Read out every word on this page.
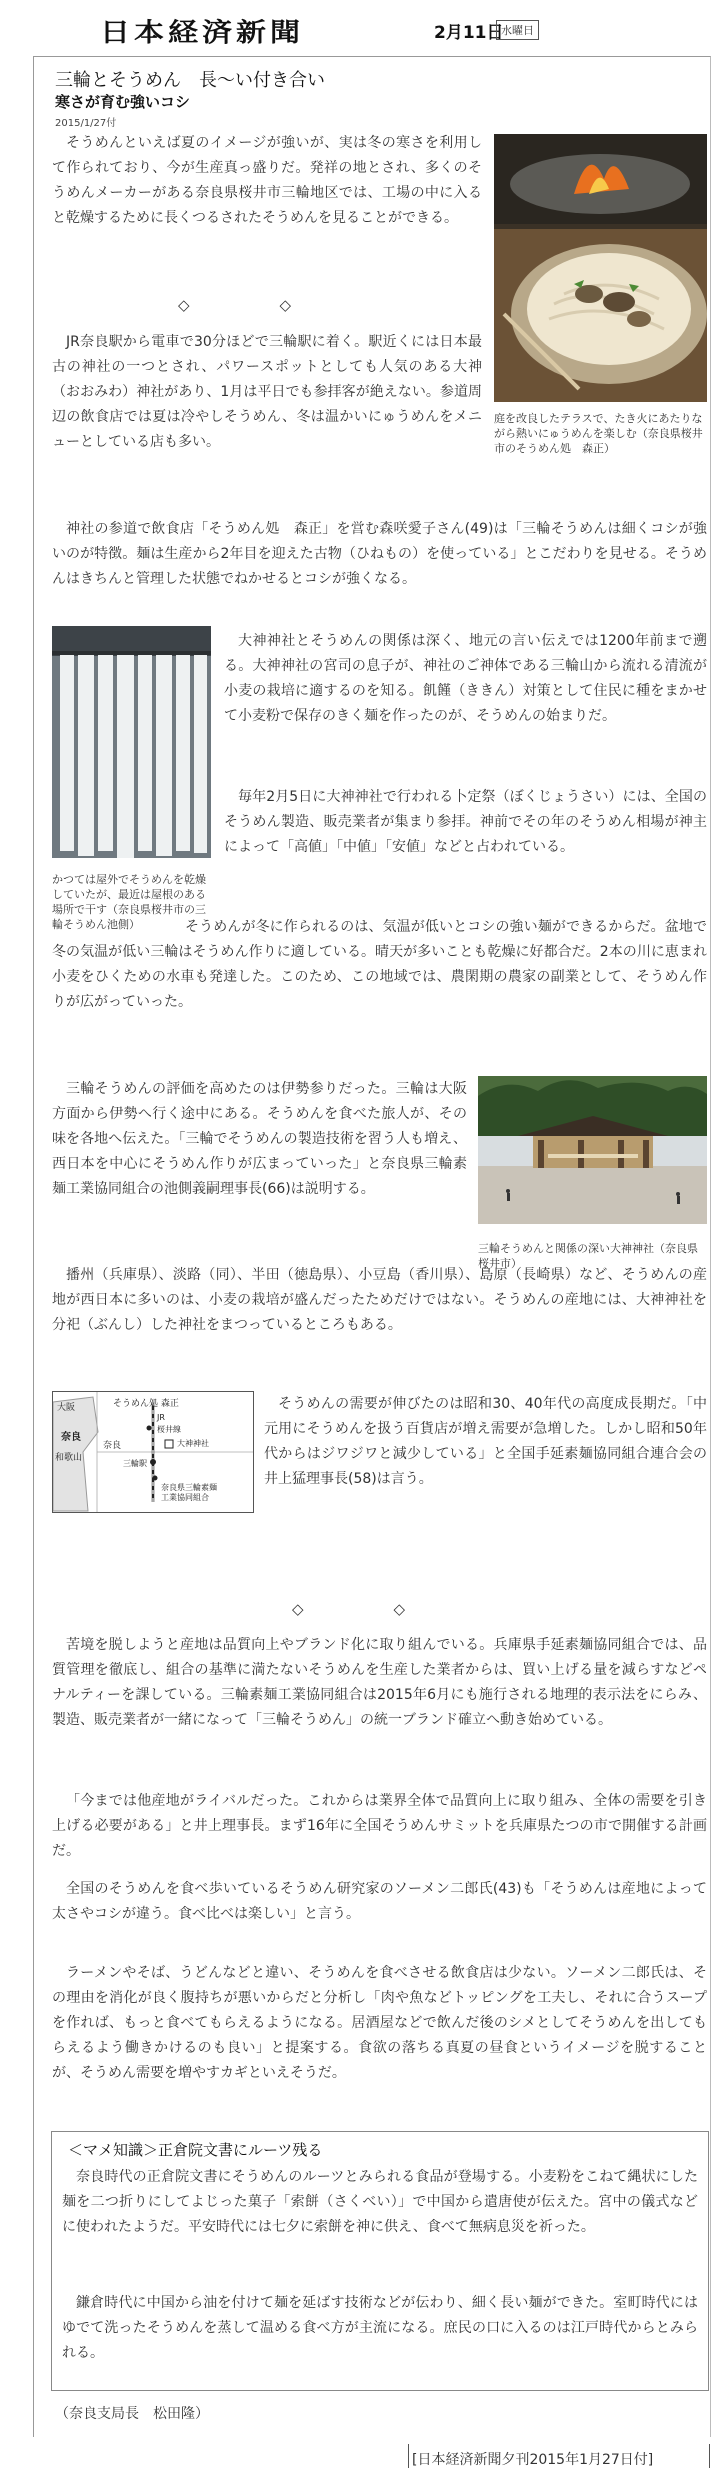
日本経済新聞	2月11日
水曜日
三輪とそうめん　長～い付き合い
寒さが育む強いコシ
2015/1/27付

庭を改良したテラスで、たき火にあたりながら熱いにゅうめんを楽しむ（奈良県桜井市のそうめん処　森正）

そうめんといえば夏のイメージが強いが、実は冬の寒さを利用して作られており、今が生産真っ盛りだ。発祥の地とされ、多くのそうめんメーカーがある奈良県桜井市三輪地区では、工場の中に入ると乾燥するために長くつるされたそうめんを見ることができる。

◇　　　　　　◇

JR奈良駅から電車で30分ほどで三輪駅に着く。駅近くには日本最古の神社の一つとされ、パワースポットとしても人気のある大神（おおみわ）神社があり、1月は平日でも参拝客が絶えない。参道周辺の飲食店では夏は冷やしそうめん、冬は温かいにゅうめんをメニューとしている店も多い。

神社の参道で飲食店「そうめん処　森正」を営む森咲愛子さん(49)は「三輪そうめんは細くコシが強いのが特徴。麺は生産から2年目を迎えた古物（ひねもの）を使っている」とこだわりを見せる。そうめんはきちんと管理した状態でねかせるとコシが強くなる。

かつては屋外でそうめんを乾燥していたが、最近は屋根のある場所で干す（奈良県桜井市の三輪そうめん池側）

大神神社とそうめんの関係は深く、地元の言い伝えでは1200年前まで遡る。大神神社の宮司の息子が、神社のご神体である三輪山から流れる清流が小麦の栽培に適するのを知る。飢饉（ききん）対策として住民に種をまかせて小麦粉で保存のきく麺を作ったのが、そうめんの始まりだ。

毎年2月5日に大神神社で行われる卜定祭（ぼくじょうさい）には、全国のそうめん製造、販売業者が集まり参拝。神前でその年のそうめん相場が神主によって「高値」「中値」「安値」などと占われている。

そうめんが冬に作られるのは、気温が低いとコシの強い麺ができるからだ。盆地で冬の気温が低い三輪はそうめん作りに適している。晴天が多いことも乾燥に好都合だ。2本の川に恵まれ小麦をひくための水車も発達した。このため、この地域では、農閑期の農家の副業として、そうめん作りが広がっていった。

三輪そうめんと関係の深い大神神社（奈良県桜井市）

三輪そうめんの評価を高めたのは伊勢参りだった。三輪は大阪方面から伊勢へ行く途中にある。そうめんを食べた旅人が、その味を各地へ伝えた。「三輪でそうめんの製造技術を習う人も増え、西日本を中心にそうめん作りが広まっていった」と奈良県三輪素麺工業協同組合の池側義嗣理事長(66)は説明する。

播州（兵庫県）、淡路（同）、半田（徳島県）、小豆島（香川県）、島原（長崎県）など、そうめんの産地が西日本に多いのは、小麦の栽培が盛んだったためだけではない。そうめんの産地には、大神神社を分祀（ぶんし）した神社をまつっているところもある。

そうめん処 森正
大阪
奈良
和歌山
奈良
JR
桜井線
大神神社
三輪駅
奈良県三輪素麺
工業協同組合

そうめんの需要が伸びたのは昭和30、40年代の高度成長期だ。「中元用にそうめんを扱う百貨店が増え需要が急増した。しかし昭和50年代からはジワジワと減少している」と全国手延素麺協同組合連合会の井上猛理事長(58)は言う。

◇　　　　　　◇

苦境を脱しようと産地は品質向上やブランド化に取り組んでいる。兵庫県手延素麺協同組合では、品質管理を徹底し、組合の基準に満たないそうめんを生産した業者からは、買い上げる量を減らすなどペナルティーを課している。三輪素麺工業協同組合は2015年6月にも施行される地理的表示法をにらみ、製造、販売業者が一緒になって「三輪そうめん」の統一ブランド確立へ動き始めている。

「今までは他産地がライバルだった。これからは業界全体で品質向上に取り組み、全体の需要を引き上げる必要がある」と井上理事長。まず16年に全国そうめんサミットを兵庫県たつの市で開催する計画だ。

全国のそうめんを食べ歩いているそうめん研究家のソーメン二郎氏(43)も「そうめんは産地によって太さやコシが違う。食べ比べは楽しい」と言う。

ラーメンやそば、うどんなどと違い、そうめんを食べさせる飲食店は少ない。ソーメン二郎氏は、その理由を消化が良く腹持ちが悪いからだと分析し「肉や魚などトッピングを工夫し、それに合うスープを作れば、もっと食べてもらえるようになる。居酒屋などで飲んだ後のシメとしてそうめんを出してもらえるよう働きかけるのも良い」と提案する。食欲の落ちる真夏の昼食というイメージを脱することが、そうめん需要を増やすカギといえそうだ。

＜マメ知識＞正倉院文書にルーツ残る

奈良時代の正倉院文書にそうめんのルーツとみられる食品が登場する。小麦粉をこねて縄状にした麺を二つ折りにしてよじった菓子「索餅（さくべい）」で中国から遣唐使が伝えた。宮中の儀式などに使われたようだ。平安時代には七夕に索餅を神に供え、食べて無病息災を祈った。

鎌倉時代に中国から油を付けて麺を延ばす技術などが伝わり、細く長い麺ができた。室町時代にはゆでて洗ったそうめんを蒸して温める食べ方が主流になる。庶民の口に入るのは江戸時代からとみられる。

（奈良支局長　松田隆）
[日本経済新聞夕刊2015年1月27日付]
